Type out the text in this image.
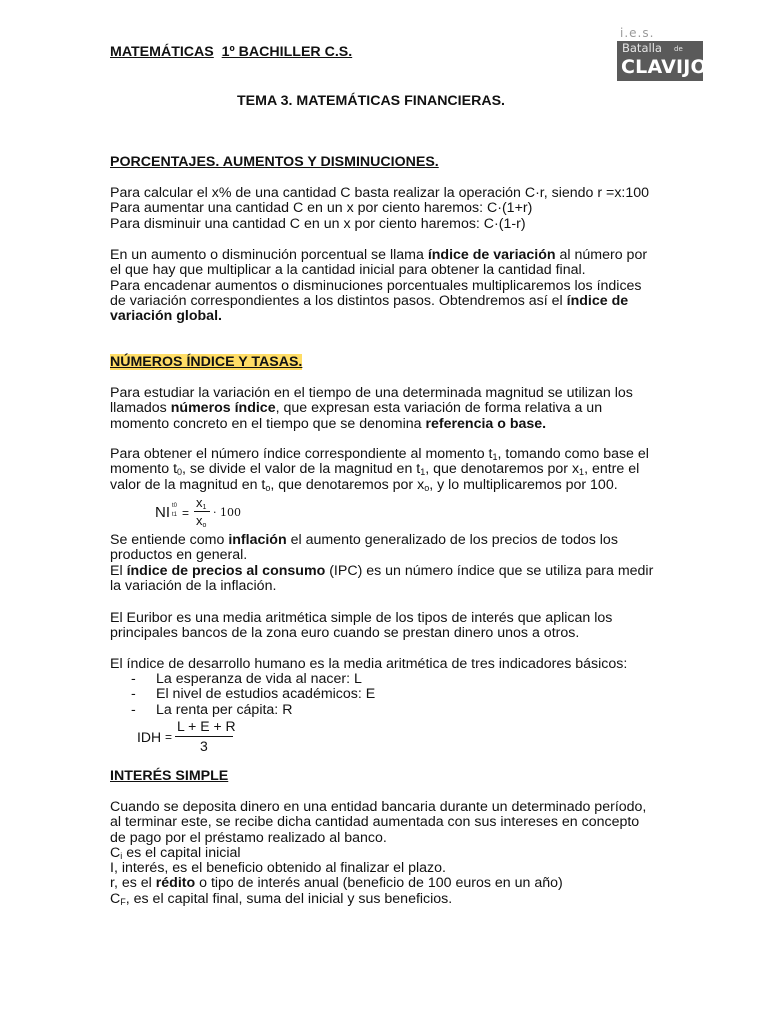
MATEMÁTICAS 1º BACHILLER C.S.
i.e.s.
Batalla de
CLAVIJO
TEMA 3. MATEMÁTICAS FINANCIERAS.
PORCENTAJES. AUMENTOS Y DISMINUCIONES.
Para calcular el x% de una cantidad C basta realizar la operación C·r, siendo r =x:100
Para aumentar una cantidad C en un x por ciento haremos: C·(1+r)
Para disminuir una cantidad C en un x por ciento haremos: C·(1-r)
En un aumento o disminución porcentual se llama índice de variación al número por
el que hay que multiplicar a la cantidad inicial para obtener la cantidad final.
Para encadenar aumentos o disminuciones porcentuales multiplicaremos los índices
de variación correspondientes a los distintos pasos. Obtendremos así el índice de
variación global.
NÚMEROS ÍNDICE Y TASAS.
Para estudiar la variación en el tiempo de una determinada magnitud se utilizan los
llamados números índice, que expresan esta variación de forma relativa a un
momento concreto en el tiempo que se denomina referencia o base.
Para obtener el número índice correspondiente al momento $t_1$, tomando como base el
momento $t_0$, se divide el valor de la magnitud en $t_1$, que denotaremos por $x_1$, entre el
valor de la magnitud en $t_o$, que denotaremos por $x_o$, y lo multiplicaremos por 100.
NI t0
t1 =
$x_1$
$x_o$
· 100
Se entiende como inflación el aumento generalizado de los precios de todos los
productos en general.
El índice de precios al consumo (IPC) es un número índice que se utiliza para medir
la variación de la inflación.
El Euribor es una media aritmética simple de los tipos de interés que aplican los
principales bancos de la zona euro cuando se prestan dinero unos a otros.
El índice de desarrollo humano es la media aritmética de tres indicadores básicos:
- La esperanza de vida al nacer: L
- El nivel de estudios académicos: E
- La renta per cápita: R
IDH =
L + E + R
3
INTERÉS SIMPLE
Cuando se deposita dinero en una entidad bancaria durante un determinado período,
al terminar este, se recibe dicha cantidad aumentada con sus intereses en concepto
de pago por el préstamo realizado al banco.
$C_i$ es el capital inicial
I, interés, es el beneficio obtenido al finalizar el plazo.
r, es el rédito o tipo de interés anual (beneficio de 100 euros en un año)
$C_F$, es el capital final, suma del inicial y sus beneficios.
